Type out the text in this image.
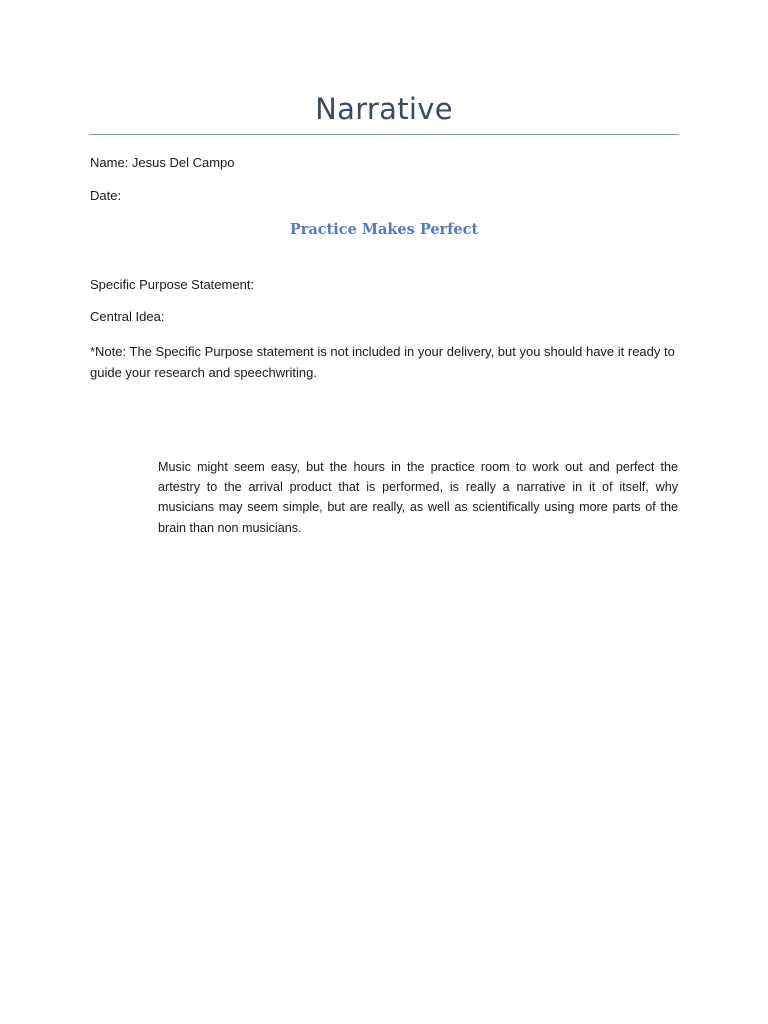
Narrative

Name: Jesus Del Campo

Date:

Practice Makes Perfect

Specific Purpose Statement:

Central Idea:

*Note: The Specific Purpose statement is not included in your delivery, but you should have it ready to guide your research and speechwriting.

Music might seem easy, but the hours in the practice room to work out and perfect the artestry to the arrival product that is performed, is really a narrative in it of itself, why musicians may seem simple, but are really, as well as scientifically using more parts of the brain than non musicians.
